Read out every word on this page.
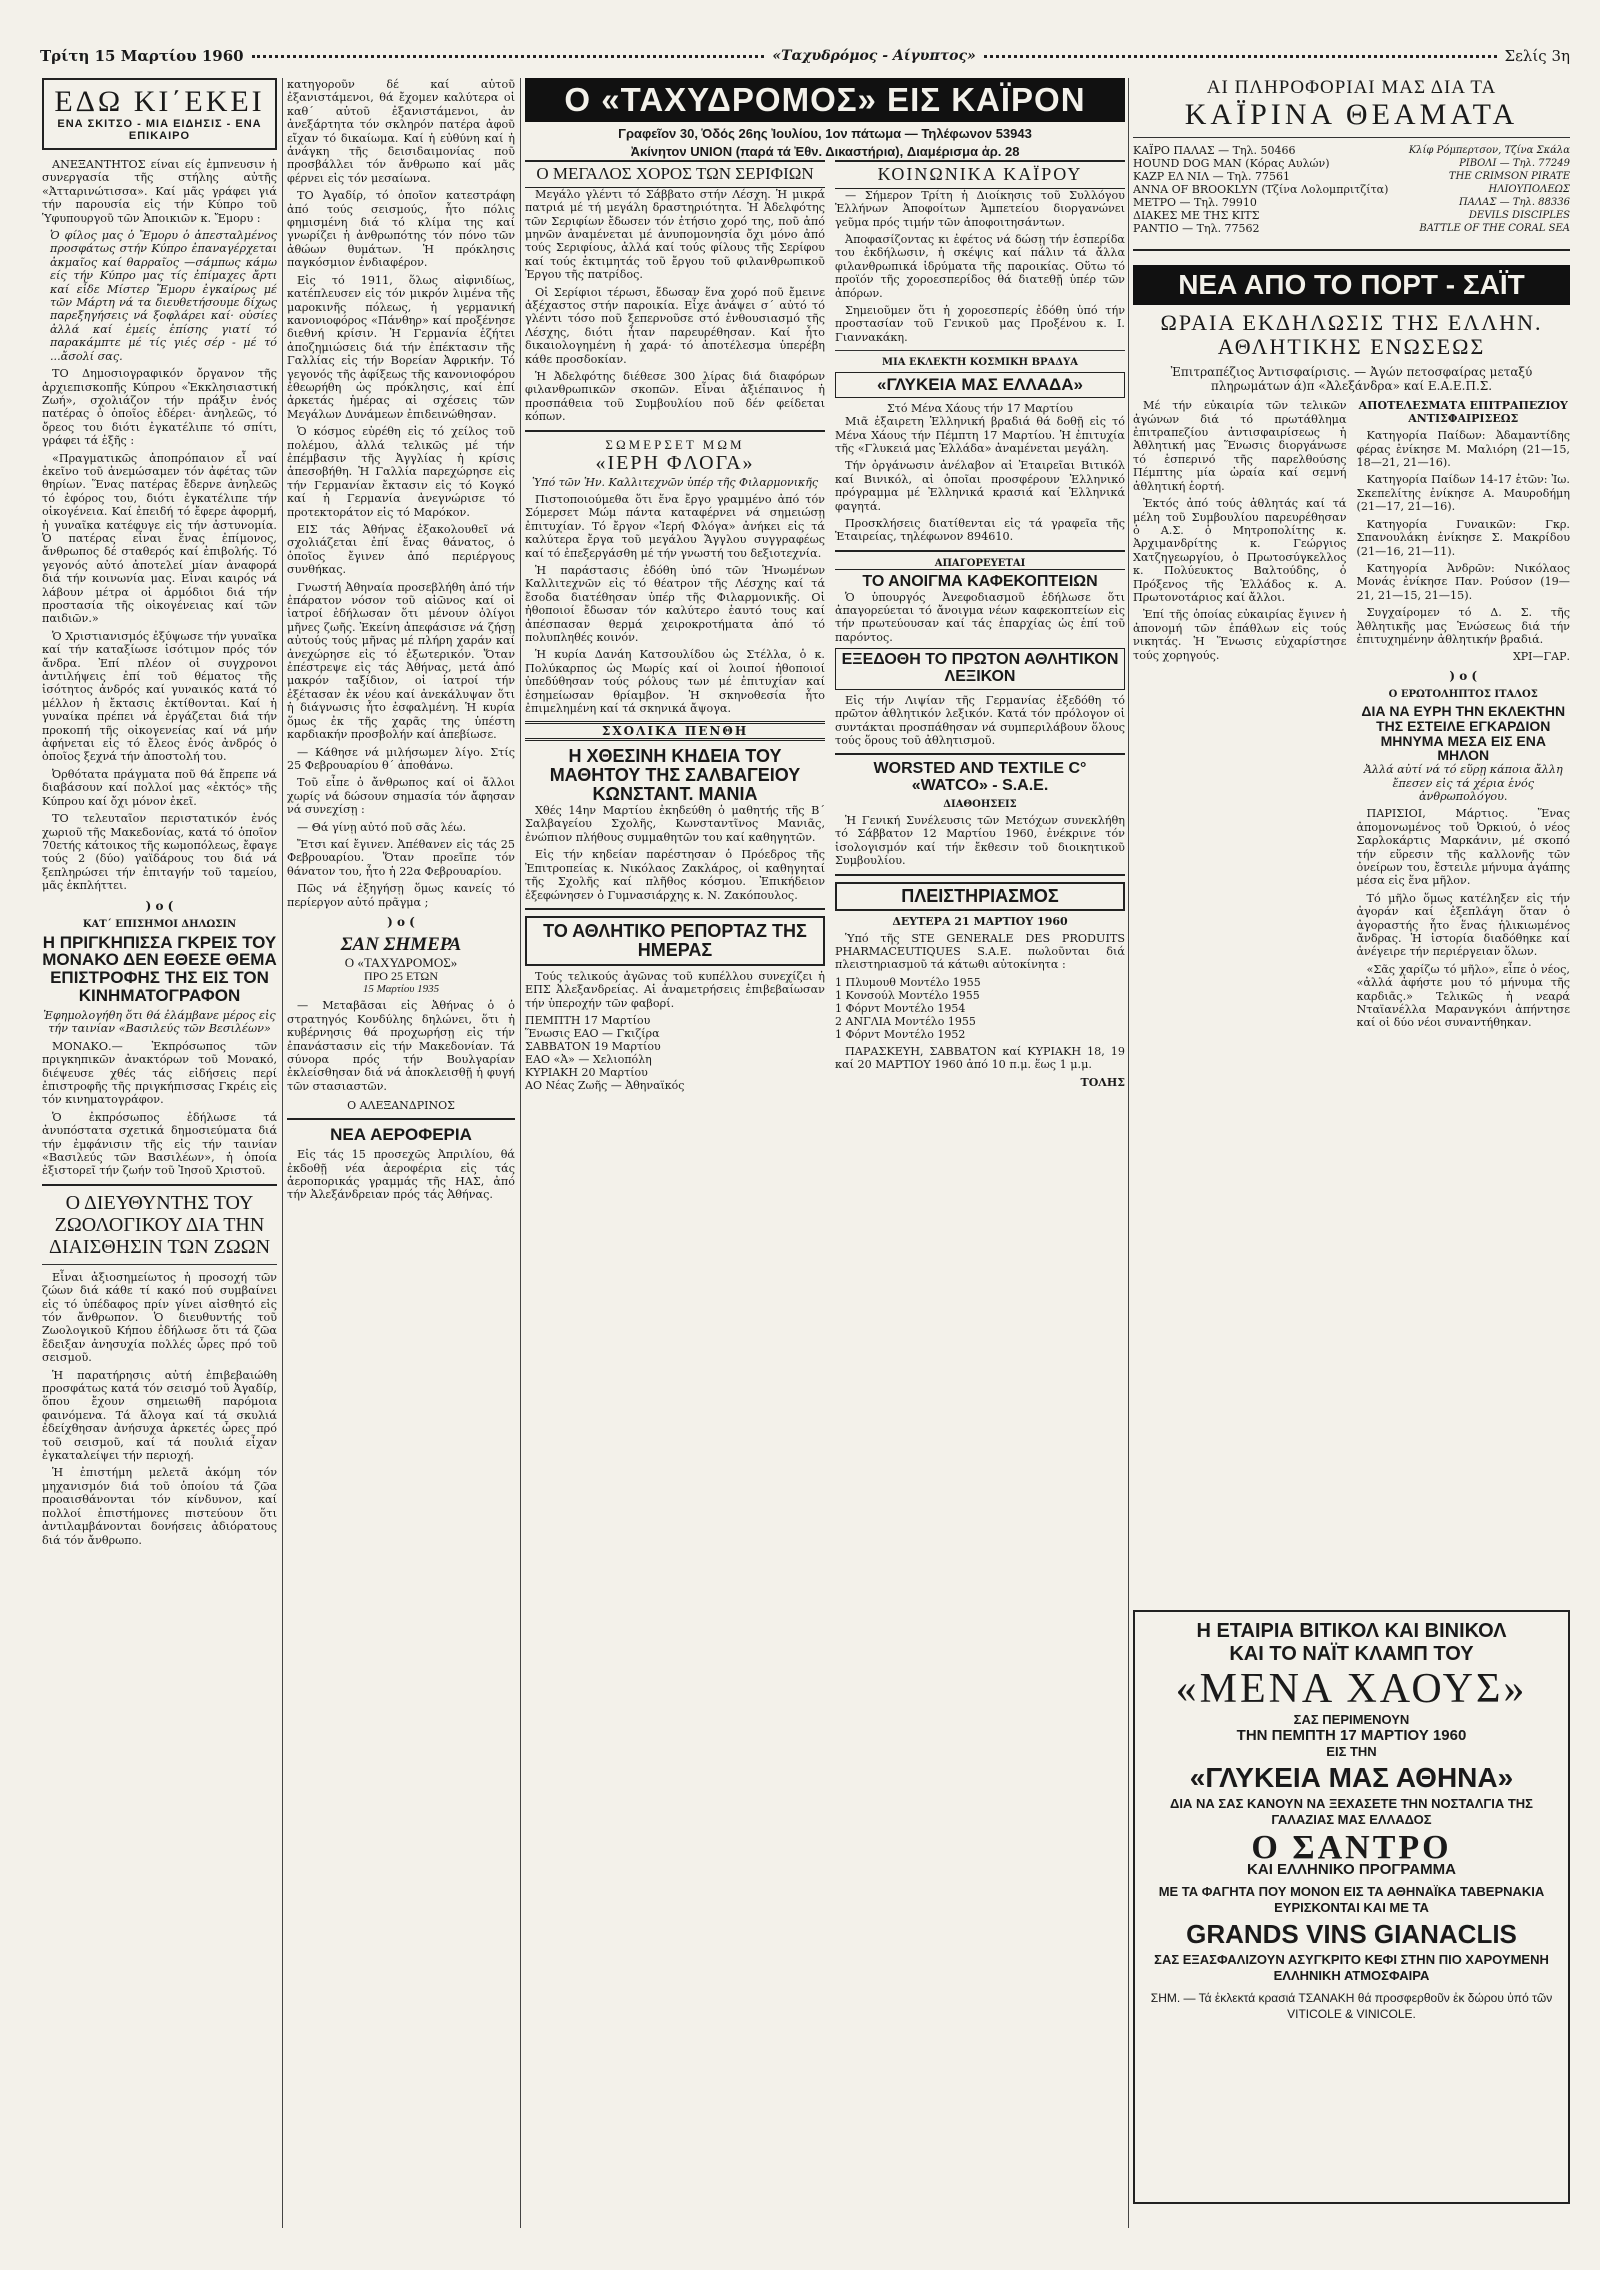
Τρίτη 15 Μαρτίου 1960	«Ταχυδρόμος - Αίγυπτος»	Σελίς 3η
ΕΔΩ ΚΙ΄ΕΚΕΙ
ΕΝΑ ΣΚΙΤΣΟ - ΜΙΑ ΕΙΔΗΣΙΣ - ΕΝΑ ΕΠΙΚΑΙΡΟ

ΑΝΕΞΑΝΤΗΤΟΣ είναι είς ἐμπνευσιν ἡ συνεργασία τῆς στήλης αὐτῆς «Ἀτταρινώτισσα». Καί μᾶς γράφει γιά τήν παρουσία εἰς τήν Κύπρο τοῦ Ὑφυπουργοῦ τῶν Ἀποικιῶν κ. Ἔμορυ :

Ὁ φίλος μας ὁ Ἔμορυ ὁ ἀπεσταλμένος προσφάτως στήν Κύπρο ἐπαναγέρχεται ἀκμαῖος καί θαρραῖος —σάμπως κάμω είς τήν Κύπρο μας τίς ἐπίμαχες ἄρτι καί εἶδε Μίστερ Ἔμορυ ἐγκαίρως μέ τῶν Μάρτη νά τα διευθετήσουμε δίχως παρεξηγήσεις νά ξοφλάρει καί· οὐσίες ἀλλά καί ἐμείς ἐπίσης γιατί τό παρακάμπτε μέ τίς γιές σέρ - μέ τό ...ἄσολί σας.

ΤΟ Δημοσιογραφικόν ὄργανον τῆς ἀρχιεπισκοπῆς Κύπρου «Ἐκκλησιαστική Ζωή», σχολιάζον τήν πράξιν ἑνός πατέρας ὁ ὁποῖος ἐδέρει· ἀνηλεῶς, τό ὄρεος του διότι ἐγκατέλιπε τό σπίτι, γράφει τά ἑξῆς :

«Πραγματικῶς ἀποπρόπαιον εἶ ναί ἐκεῖνο τοῦ ἀνεμώσαμεν τόν ἀφέτας τῶν θηρίων. Ἕνας πατέρας ἔδερνε ἀνηλεῶς τό ἐφόρος του, διότι ἐγκατέλιπε τήν οἰκογένεια. Καί ἐπειδή τό ἔφερε ἀφορμή, ἡ γυναῖκα κατέφυγε εἰς τήν ἀστυνομία. Ὁ πατέρας εἶναι ἕνας ἐπίμονος, ἄνθρωπος δέ σταθερός καί ἐπιβολής. Τό γεγονός αὐτό ἀποτελεί μίαν ἀναφορά διά τήν κοινωνία μας. Εἶναι καιρός νά λάβουν μέτρα οἱ ἁρμόδιοι διά τήν προστασία τῆς οἰκογένειας καί τῶν παιδιῶν.»

Ὁ Χριστιανισμός ἐξύψωσε τήν γυναῖκα καί τήν καταξίωσε ἰσότιμον πρός τόν ἄνδρα. Ἐπί πλέον οἱ συγχρονοι ἀντιλήψεις ἐπί τοῦ θέματος τῆς ἰσότητος ἀνδρός καί γυναικός κατά τό μέλλον ἡ ἔκτασις ἐκτίθονται. Καί ἡ γυναίκα πρέπει νά ἐργάζεται διά τήν προκοπή τῆς οἰκογενείας καί νά μήν ἀφήνεται εἰς τό ἔλεος ἑνός ἀνδρός ὁ ὁποῖος ξεχνά τήν ἀποστολή του.

Ὀρθότατα πράγματα ποῦ θά ἔπρεπε νά διαβάσουν καί πολλοί μας «ἐκτός» τῆς Κύπρου καί ὄχι μόνον ἐκεῖ.

ΤΟ τελευταῖον περιστατικόν ἐνός χωριοῦ τῆς Μακεδονίας, κατά τό ὁποῖον 70ετής κάτοικος τῆς κωμοπόλεως, ἔφαγε τούς 2 (δύο) γαϊδάρους του διά νά ξεπληρώσει τήν ἐπιταγήν τοῦ ταμείου, μᾶς ἐκπλήττει.

) ο (
ΚΑΤ΄ ΕΠΙΣΗΜΟΙ ΔΗΛΩΣΙΝ
Η ΠΡΙΓΚΗΠΙΣΣΑ ΓΚΡΕΙΣ ΤΟΥ ΜΟΝΑΚΟ ΔΕΝ ΕΘΕΣΕ ΘΕΜΑ ΕΠΙΣΤΡΟΦΗΣ ΤΗΣ ΕΙΣ ΤΟΝ ΚΙΝΗΜΑΤΟΓΡΑΦΟΝ

Ἐφημολογήθη ὅτι θά ἐλάμβανε μέρος εἰς τήν ταινίαν «Βασιλεύς τῶν Βεσιλέων»

ΜΟΝΑΚΟ.— Ἐκπρόσωπος τῶν πριγκηπικῶν ἀνακτόρων τοῦ Μονακό, διέψευσε χθές τάς εἰδήσεις περί ἐπιστροφῆς τῆς πριγκήπισσας Γκρέις εἰς τόν κινηματογράφον.

Ὁ ἐκπρόσωπος ἐδήλωσε τά ἀνυπόστατα σχετικά δημοσιεύματα διά τήν ἐμφάνισιν τῆς εἰς τήν ταινίαν «Βασιλεύς τῶν Βασιλέων», ἡ ὁποία ἐξιστορεῖ τήν ζωήν τοῦ Ἰησοῦ Χριστοῦ.

Ο ΔΙΕΥΘΥΝΤΗΣ ΤΟΥ ΖΩΟΛΟΓΙΚΟΥ ΔΙΑ ΤΗΝ ΔΙΑΙΣΘΗΣΙΝ ΤΩΝ ΖΩΩΝ

Εἶναι ἀξιοσημείωτος ἡ προσοχή τῶν ζώων διά κάθε τί κακό πού συμβαίνει εἰς τό ὑπέδαφος πρίν γίνει αἰσθητό εἰς τόν ἄνθρωπον. Ὁ διευθυντής τοῦ Ζωολογικοῦ Κήπου ἐδήλωσε ὅτι τά ζῶα ἔδειξαν ἀνησυχία πολλές ὧρες πρό τοῦ σεισμοῦ.

Ἡ παρατήρησις αὐτή ἐπιβεβαιώθη προσφάτως κατά τόν σεισμό τοῦ Ἀγαδίρ, ὅπου ἔχουν σημειωθῆ παρόμοια φαινόμενα. Τά ἄλογα καί τά σκυλιά ἐδείχθησαν ἀνήσυχα ἀρκετές ὧρες πρό τοῦ σεισμοῦ, καί τά πουλιά εἶχαν ἐγκαταλείψει τήν περιοχή.

Ἡ ἐπιστήμη μελετᾶ ἀκόμη τόν μηχανισμόν διά τοῦ ὁποίου τά ζῶα προαισθάνονται τόν κίνδυνον, καί πολλοί ἐπιστήμονες πιστεύουν ὅτι ἀντιλαμβάνονται δονήσεις ἀδιόρατους διά τόν ἄνθρωπο.

κατηγοροῦν δέ καί αὐτοῦ ἐξανιστάμενοι, θά ἔχομεν καλύτερα οἱ καθ΄ αὐτοῦ ἐξανιστάμενοι, ἀν ἀνεξάρτητα τόν σκληρόν πατέρα ἀφοῦ εἴχαν τό δικαίωμα. Καί ἡ εὐθύνη καί ἡ ἀνάγκη τῆς δεισιδαιμονίας ποῦ προσβάλλει τόν ἄνθρωπο καί μᾶς φέρνει εἰς τόν μεσαίωνα.

ΤΟ Ἀγαδίρ, τό ὁποῖον κατεστράφη ἀπό τούς σεισμούς, ἦτο πόλις φημισμένη διά τό κλίμα της καί γνωρίζει ἡ ἀνθρωπότης τόν πόνο τῶν ἀθώων θυμάτων. Ἡ πρόκλησις παγκόσμιον ἐνδιαφέρον.

Εἰς τό 1911, ὅλως αἰφνιδίως, κατέπλευσεν εἰς τόν μικρόν λιμένα τῆς μαροκινῆς πόλεως, ἡ γερμανική κανονιοφόρος «Πάνθηρ» καί προξένησε διεθνή κρίσιν. Ἡ Γερμανία ἐζήτει ἀποζημιώσεις διά τήν ἐπέκτασιν τῆς Γαλλίας εἰς τήν Βορείαν Ἀφρικήν. Τό γεγονός τῆς ἀφίξεως τῆς κανονιοφόρου ἐθεωρήθη ὡς πρόκλησις, καί ἐπί ἀρκετάς ἡμέρας αἱ σχέσεις τῶν Μεγάλων Δυνάμεων ἐπιδεινώθησαν.

Ὁ κόσμος εὑρέθη εἰς τό χείλος τοῦ πολέμου, ἀλλά τελικῶς μέ τήν ἐπέμβασιν τῆς Ἀγγλίας ἡ κρίσις ἀπεσοβήθη. Ἡ Γαλλία παρεχώρησε εἰς τήν Γερμανίαν ἔκτασιν εἰς τό Κογκό καί ἡ Γερμανία ἀνεγνώρισε τό προτεκτοράτον εἰς τό Μαρόκον.

ΕΙΣ τάς Ἀθήνας ἐξακολουθεῖ νά σχολιάζεται ἐπί ἔνας θάνατος, ὁ ὁποῖος ἔγινεν ἀπό περιέργους συνθήκας.

Γνωστή Ἀθηναία προσεβλήθη ἀπό τήν ἐπάρατον νόσον τοῦ αἰῶνος καί οἱ ἰατροί ἐδήλωσαν ὅτι μένουν ὀλίγοι μῆνες ζωῆς. Ἐκείνη ἀπεφάσισε νά ζήσῃ αὐτούς τούς μῆνας μέ πλήρη χαράν καί ἀνεχώρησε εἰς τό ἐξωτερικόν. Ὅταν ἐπέστρεψε εἰς τάς Ἀθήνας, μετά ἀπό μακρόν ταξίδιον, οἱ ἰατροί τήν ἐξέτασαν ἐκ νέου καί ἀνεκάλυψαν ὅτι ἡ διάγνωσις ἦτο ἐσφαλμένη. Ἡ κυρία ὅμως ἐκ τῆς χαρᾶς της ὑπέστη καρδιακήν προσβολήν καί ἀπεβίωσε.

— Κάθησε νά μιλήσωμεν λίγο. Στίς 25 Φεβρουαρίου θ΄ ἀποθάνω.

Τοῦ εἶπε ὁ ἄνθρωπος καί οἱ ἄλλοι χωρίς νά δώσουν σημασία τόν ἄφησαν νά συνεχίσῃ :

— Θά γίνῃ αὐτό ποῦ σᾶς λέω.

Ἔτσι καί ἔγινεν. Ἀπέθανεν εἰς τάς 25 Φεβρουαρίου. Ὅταν προεῖπε τόν θάνατον του, ἦτο ἡ 22α Φεβρουαρίου.

Πῶς νά ἐξηγήσῃ ὅμως κανείς τό περίεργον αὐτό πρᾶγμα ;

) ο (
ΣΑΝ ΣΗΜΕΡΑ
Ο «ΤΑΧΥΔΡΟΜΟΣ»
ΠΡΟ 25 ΕΤΩΝ
15 Μαρτίου 1935

— Μεταβᾶσαι εἰς Ἀθήνας ὁ ὁ στρατηγός Κονδύλης δηλώνει, ὅτι ἡ κυβέρνησις θά προχωρήσῃ εἰς τήν ἐπανάστασιν εἰς τήν Μακεδονίαν. Τά σύνορα πρός τήν Βουλγαρίαν ἐκλείσθησαν διά νά ἀποκλεισθῇ ἡ φυγή τῶν στασιαστῶν.

Ο ΑΛΕΞΑΝΔΡΙΝΟΣ
ΝΕΑ ΑΕΡΟΦΕΡΙΑ

Εἰς τάς 15 προσεχῶς Ἀπριλίου, θά ἐκδοθῇ νέα ἀεροφέρια εἰς τάς ἀεροπορικάς γραμμάς τῆς ΗΑΣ, ἀπό τήν Ἀλεξάνδρειαν πρός τάς Ἀθήνας.

Ο «ΤΑΧΥΔΡΟΜΟΣ» ΕΙΣ ΚΑΪΡΟΝ
Γραφεῖον 30, Ὁδός 26ης Ἰουλίου, 1ον πάτωμα — Τηλέφωνον 53943
Ἀκίνητον UNION (παρά τά Ἐθν. Δικαστήρια), Διαμέρισμα ἀρ. 28
Ο ΜΕΓΑΛΟΣ ΧΟΡΟΣ ΤΩΝ ΣΕΡΙΦΙΩΝ

Μεγάλο γλέντι τό Σάββατο στήν Λέσχη. Ἡ μικρά πατριά μέ τή μεγάλη δραστηριότητα. Ἡ Ἀδελφότης τῶν Σεριφίων ἔδωσεν τόν ἐτήσιο χορό της, ποῦ ἀπό μηνῶν ἀναμένεται μέ ἀνυπομονησία ὄχι μόνο ἀπό τούς Σεριφίους, ἀλλά καί τούς φίλους τῆς Σερίφου καί τούς ἐκτιμητάς τοῦ ἔργου τοῦ φιλανθρωπικοῦ Ἐργου τῆς πατρίδος.

Οἱ Σερίφιοι τέρωσι, ἔδωσαν ἕνα χορό ποῦ ἔμεινε ἀξέχαστος στήν παροικία. Εἶχε ἀνάψει σ΄ αὐτό τό γλέντι τόσο ποῦ ξεπερνοῦσε στό ἐνθουσιασμό τῆς Λέσχης, διότι ἦταν παρευρέθησαν. Καί ἦτο δικαιολογημένη ἡ χαρά· τό ἀποτέλεσμα ὑπερέβη κάθε προσδοκίαν.

Ἡ Ἀδελφότης διέθεσε 300 λίρας διά διαφόρων φιλανθρωπικῶν σκοπῶν. Εἶναι ἀξιέπαινος ἡ προσπάθεια τοῦ Συμβουλίου ποῦ δέν φείδεται κόπων.

ΣΩΜΕΡΣΕΤ ΜΩΜ
«ΙΕΡΗ ΦΛΟΓΑ»
Ὑπό τῶν Ἡν. Καλλιτεχνῶν ὑπέρ τῆς Φιλαρμονικῆς

Πιστοποιούμεθα ὅτι ἕνα ἔργο γραμμένο ἀπό τόν Σόμερσετ Μώμ πάντα καταφέρνει νά σημειώσῃ ἐπιτυχίαν. Τό ἔργον «Ἱερή Φλόγα» ἀνήκει εἰς τά καλύτερα ἔργα τοῦ μεγάλου Ἄγγλου συγγραφέως καί τό ἐπεξεργάσθη μέ τήν γνωστή του δεξιοτεχνία.

Ἡ παράστασις ἐδόθη ὑπό τῶν Ἡνωμένων Καλλιτεχνῶν εἰς τό θέατρον τῆς Λέσχης καί τά ἔσοδα διατέθησαν ὑπέρ τῆς Φιλαρμονικῆς. Οἱ ἠθοποιοί ἔδωσαν τόν καλύτερο ἑαυτό τους καί ἀπέσπασαν θερμά χειροκροτήματα ἀπό τό πολυπληθές κοινόν.

Ἡ κυρία Δανάη Κατσουλίδου ὡς Στέλλα, ὁ κ. Πολύκαρπος ὡς Μωρίς καί οἱ λοιποί ἠθοποιοί ὑπεδύθησαν τούς ρόλους των μέ ἐπιτυχίαν καί ἐσημείωσαν θρίαμβον. Ἡ σκηνοθεσία ἦτο ἐπιμελημένη καί τά σκηνικά ἄψογα.

ΣΧΟΛΙΚΑ ΠΕΝΘΗ
Η ΧΘΕΣΙΝΗ ΚΗΔΕΙΑ ΤΟΥ ΜΑΘΗΤΟΥ ΤΗΣ ΣΑΛΒΑΓΕΙΟΥ ΚΩΝΣΤΑΝΤ. ΜΑΝΙΑ

Χθές 14ην Μαρτίου ἐκηδεύθη ὁ μαθητής τῆς Β΄ Σαλβαγείου Σχολῆς, Κωνσταντῖνος Μανιᾶς, ἐνώπιον πλήθους συμμαθητῶν του καί καθηγητῶν.

Εἰς τήν κηδείαν παρέστησαν ὁ Πρόεδρος τῆς Ἐπιτροπείας κ. Νικόλαος Ζακλάρος, οἱ καθηγηταί τῆς Σχολῆς καί πλῆθος κόσμου. Ἐπικήδειον ἐξεφώνησεν ὁ Γυμνασιάρχης κ. Ν. Ζακόπουλος.

ΤΟ ΑΘΛΗΤΙΚΟ ΡΕΠΟΡΤΑΖ ΤΗΣ ΗΜΕΡΑΣ

Τούς τελικούς ἀγῶνας τοῦ κυπέλλου συνεχίζει ἡ ΕΠΣ Ἀλεξανδρείας. Αἱ ἀναμετρήσεις ἐπιβεβαίωσαν τήν ὑπεροχήν τῶν φαβορί.

ΠΕΜΠΤΗ 17 Μαρτίου
Ἕνωσις ΕΑΟ — Γκιζίρα
ΣΑΒΒΑΤΟΝ 19 Μαρτίου
ΕΑΟ «Ἀ» — Χελιοπόλη
ΚΥΡΙΑΚΗ 20 Μαρτίου
ΑΟ Νέας Ζωῆς — Ἀθηναϊκός
ΚΟΙΝΩΝΙΚΑ ΚΑΪΡΟΥ

— Σήμερον Τρίτη ἡ Διοίκησις τοῦ Συλλόγου Ἑλλήνων Ἀποφοίτων Ἀμπετείου διοργανώνει γεῦμα πρός τιμήν τῶν ἀποφοιτησάντων.

Ἀποφασίζοντας κι ἐφέτος νά δώσῃ τήν ἑσπερίδα του ἐκδήλωσιν, ἡ σκέψις καί πάλιν τά ἄλλα φιλανθρωπικά ἱδρύματα τῆς παροικίας. Οὕτω τό προϊόν τῆς χοροεσπερίδος θά διατεθῇ ὑπέρ τῶν ἀπόρων.

Σημειοῦμεν ὅτι ἡ χοροεσπερίς ἐδόθη ὑπό τήν προστασίαν τοῦ Γενικοῦ μας Προξένου κ. Ι. Γιαννακάκη.

ΜΙΑ ΕΚΛΕΚΤΗ ΚΟΣΜΙΚΗ ΒΡΑΔΥΑ
«ΓΛΥΚΕΙΑ ΜΑΣ ΕΛΛΑΔΑ»
Στό Μένα Χάους τήν 17 Μαρτίου

Μιᾶ ἐξαιρετη Ἑλληνική βραδιά θά δοθῇ εἰς τό Μένα Χάους τήν Πέμπτη 17 Μαρτίου. Ἡ ἐπιτυχία τῆς «Γλυκειά μας Ἑλλάδα» ἀναμένεται μεγάλη.

Τήν ὀργάνωσιν ἀνέλαβον αἱ Ἐταιρεῖαι Βιτικόλ καί Βινικόλ, αἱ ὁποῖαι προσφέρουν Ἑλληνικό πρόγραμμα μέ Ἑλληνικά κρασιά καί Ἑλληνικά φαγητά.

Προσκλήσεις διατίθενται εἰς τά γραφεῖα τῆς Ἑταιρείας, τηλέφωνον 894610.

ΑΠΑΓΟΡΕΥΕΤΑΙ
ΤΟ ΑΝΟΙΓΜΑ ΚΑΦΕΚΟΠΤΕΙΩΝ

Ὁ ὑπουργός Ἀνεφοδιασμοῦ ἐδήλωσε ὅτι ἀπαγορεύεται τό ἄνοιγμα νέων καφεκοπτείων εἰς τήν πρωτεύουσαν καί τάς ἐπαρχίας ὡς ἐπί τοῦ παρόντος.

ΕΞΕΔΟΘΗ ΤΟ ΠΡΩΤΟΝ ΑΘΛΗΤΙΚΟΝ ΛΕΞΙΚΟΝ

Εἰς τήν Λιψίαν τῆς Γερμανίας ἐξεδόθη τό πρῶτον ἀθλητικόν λεξικόν. Κατά τόν πρόλογον οἱ συντάκται προσπάθησαν νά συμπεριλάβουν ὅλους τούς ὅρους τοῦ ἀθλητισμοῦ.

WORSTED AND TEXTILE C° «WATCO» - S.A.E.
ΔΙΑΘΟΗΣΕΙΣ

Ἡ Γενική Συνέλευσις τῶν Μετόχων συνεκλήθη τό Σάββατον 12 Μαρτίου 1960, ἐνέκρινε τόν ἰσολογισμόν καί τήν ἔκθεσιν τοῦ διοικητικοῦ Συμβουλίου.

ΠΛΕΙΣΤΗΡΙΑΣΜΟΣ
ΔΕΥΤΕΡΑ 21 ΜΑΡΤΙΟΥ 1960

Ὑπό τῆς STE GENERALE DES PRODUITS PHARMACEUTIQUES S.A.E. πωλοῦνται διά πλειστηριασμοῦ τά κάτωθι αὐτοκίνητα :

1 Πλυμουθ Μοντέλο 1955
1 Κονσούλ Μοντέλο 1955
1 Φόρντ Μοντέλο 1954
2 ΑΝΓΛΙΑ Μοντέλο 1955
1 Φόρντ Μοντέλο 1952

ΠΑΡΑΣΚΕΥΗ, ΣΑΒΒΑΤΟΝ καί ΚΥΡΙΑΚΗ 18, 19 καί 20 ΜΑΡΤΙΟΥ 1960 ἀπό 10 π.μ. ἕως 1 μ.μ.

ΤΟΛΗΣ
ΑΙ ΠΛΗΡΟΦΟΡΙΑΙ ΜΑΣ ΔΙΑ ΤΑ
ΚΑΪΡΙΝΑ ΘΕΑΜΑΤΑ
ΚΑΪΡΟ ΠΑΛΑΣ — Τηλ. 50466	Κλίφ Ρόμπερτσον, Τζίνα Σκάλα
HOUND DOG MAN (Κόρας Αυλών)	ΡΙΒΟΛΙ — Τηλ. 77249
ΚΑΖΡ ΕΛ ΝΙΛ — Τηλ. 77561	THE CRIMSON PIRATE
ANNA OF BROOKLYN (Τζίνα Λολομπριτζίτα)	ΗΛΙΟΥΠΟΛΕΩΣ
ΜΕΤΡΟ — Τηλ. 79910	ΠΑΛΑΣ — Τηλ. 88336
ΔΙΑΚΕΣ ΜΕ ΤΗΣ ΚΙΤΣ	DEVILS DISCIPLES
ΡΑΝΤΙΟ — Τηλ. 77562	BATTLE OF THE CORAL SEA
ΝΕΑ ΑΠΟ ΤΟ ΠΟΡΤ - ΣΑΪΤ
ΩΡΑΙΑ ΕΚΔΗΛΩΣΙΣ ΤΗΣ ΕΛΛΗΝ. ΑΘΛΗΤΙΚΗΣ ΕΝΩΣΕΩΣ
Ἐπιτραπέζιος Ἀντισφαίρισις. — Ἀγών πετοσφαίρας μεταξύ πληρωμάτων ά)π «Ἀλεξάνδρα» καί Ε.Α.Ε.Π.Σ.

Μέ τήν εὐκαιρία τῶν τελικῶν ἀγώνων διά τό πρωτάθλημα ἐπιτραπεζίου ἀντισφαιρίσεως ἡ Ἀθλητική μας Ἕνωσις διοργάνωσε τό ἑσπερινό τῆς παρελθούσης Πέμπτης μία ὡραία καί σεμνή ἀθλητική ἑορτή.

Ἐκτός ἀπό τούς ἀθλητάς καί τά μέλη τοῦ Συμβουλίου παρευρέθησαν ὁ Α.Σ. ὁ Μητροπολίτης κ. Ἀρχιμανδρίτης κ. Γεώργιος Χατζηγεωργίου, ὁ Πρωτοσύγκελλος κ. Πολύευκτος Βαλτούδης, ὁ Πρόξενος τῆς Ἑλλάδος κ. Α. Πρωτονοτάριος καί ἄλλοι.

Ἐπί τῆς ὁποίας εὐκαιρίας ἔγινεν ἡ ἀπονομή τῶν ἐπάθλων εἰς τούς νικητάς. Ἡ Ἕνωσις εὐχαρίστησε τούς χορηγούς.

ΑΠΟΤΕΛΕΣΜΑΤΑ ΕΠΙΤΡΑΠΕΖΙΟΥ ΑΝΤΙΣΦΑΙΡΙΣΕΩΣ

Κατηγορία Παίδων: Ἀδαμαντίδης φέρας ἐνίκησε Μ. Μαλιόρη (21—15, 18—21, 21—16).

Κατηγορία Παίδων 14-17 ἐτῶν: Ἰω. Σκεπελίτης ἐνίκησε Α. Μαυροδήμη (21—17, 21—16).

Κατηγορία Γυναικῶν: Γκρ. Σπανουλάκη ἐνίκησε Σ. Μακρίδου (21—16, 21—11).

Κατηγορία Ἀνδρῶν: Νικόλαος Μονάς ἐνίκησε Παν. Ρούσον (19—21, 21—15, 21—15).

Συγχαίρομεν τό Δ. Σ. τῆς Ἀθλητικῆς μας Ἑνώσεως διά τήν ἐπιτυχημένην ἀθλητικήν βραδιά.

ΧΡΙ—ΓΑΡ.
) ο (
Ο ΕΡΩΤΟΛΗΠΤΟΣ ΙΤΑΛΟΣ
ΔΙΑ ΝΑ ΕΥΡΗ ΤΗΝ ΕΚΛΕΚΤΗΝ ΤΗΣ ΕΣΤΕΙΛΕ ΕΓΚΑΡΔΙΟΝ ΜΗΝΥΜΑ ΜΕΣΑ ΕΙΣ ΕΝΑ ΜΗΛΟΝ

Ἀλλά αὐτί νά τό εὕρῃ κάποια ἄλλη ἔπεσεν εἰς τά χέρια ἑνός ἀνθρωπολόγου.

ΠΑΡΙΣΙΟΙ, Μάρτιος. Ἕνας ἀπομονωμένος τοῦ Ὀρκιού, ὁ νέος Σαρλοκάρτις Μαρκάνιν, μέ σκοπό τήν εὕρεσιν τῆς καλλονῆς τῶν ὀνείρων του, ἔστειλε μήνυμα ἀγάπης μέσα εἰς ἕνα μῆλον.

Τό μῆλο ὅμως κατέληξεν εἰς τήν ἀγοράν καί ἐξεπλάγη ὅταν ὁ ἀγοραστής ἦτο ἕνας ἡλικιωμένος ἄνδρας. Ἡ ἱστορία διαδόθηκε καί ἀνέγειρε τήν περιέργειαν ὅλων.

«Σᾶς χαρίζω τό μῆλο», εἶπε ὁ νέος, «ἀλλά ἀφήστε μου τό μήνυμα τῆς καρδιᾶς.» Τελικῶς ἡ νεαρά Νταϊανέλλα Μαρανγκόνι ἀπήντησε καί οἱ δύο νέοι συναντήθηκαν.

Η ΕΤΑΙΡΙΑ ΒΙΤΙΚΟΛ ΚΑΙ ΒΙΝΙΚΟΛ
ΚΑΙ ΤΟ ΝΑΪΤ ΚΛΑΜΠ ΤΟΥ
«ΜΕΝΑ ΧΑΟΥΣ»
ΣΑΣ ΠΕΡΙΜΕΝΟΥΝ
ΤΗΝ ΠΕΜΠΤΗ 17 ΜΑΡΤΙΟΥ 1960
ΕΙΣ ΤΗΝ
«ΓΛΥΚΕΙΑ ΜΑΣ ΑΘΗΝΑ»
ΔΙΑ ΝΑ ΣΑΣ ΚΑΝΟΥΝ ΝΑ ΞΕΧΑΣΕΤΕ ΤΗΝ ΝΟΣΤΑΛΓΙΑ ΤΗΣ ΓΑΛΑΖΙΑΣ ΜΑΣ ΕΛΛΑΔΟΣ
Ο ΣΑΝΤΡΟ
ΚΑΙ ΕΛΛΗΝΙΚΟ ΠΡΟΓΡΑΜΜΑ
ΜΕ ΤΑ ΦΑΓΗΤΑ ΠΟΥ ΜΟΝΟΝ ΕΙΣ ΤΑ ΑΘΗΝΑΪΚΑ ΤΑΒΕΡΝΑΚΙΑ ΕΥΡΙΣΚΟΝΤΑΙ ΚΑΙ ΜΕ ΤΑ
GRANDS VINS GIANACLIS
ΣΑΣ ΕΞΑΣΦΑΛΙΖΟΥΝ ΑΣΥΓΚΡΙΤΟ ΚΕΦΙ ΣΤΗΝ ΠΙΟ ΧΑΡΟΥΜΕΝΗ ΕΛΛΗΝΙΚΗ ΑΤΜΟΣΦΑΙΡΑ
ΣΗΜ. — Τά ἐκλεκτά κρασιά ΤΣΑΝΑΚΗ θά προσφερθοῦν ἐκ δώρου ὑπό τῶν VITICOLE & VINICOLE.
